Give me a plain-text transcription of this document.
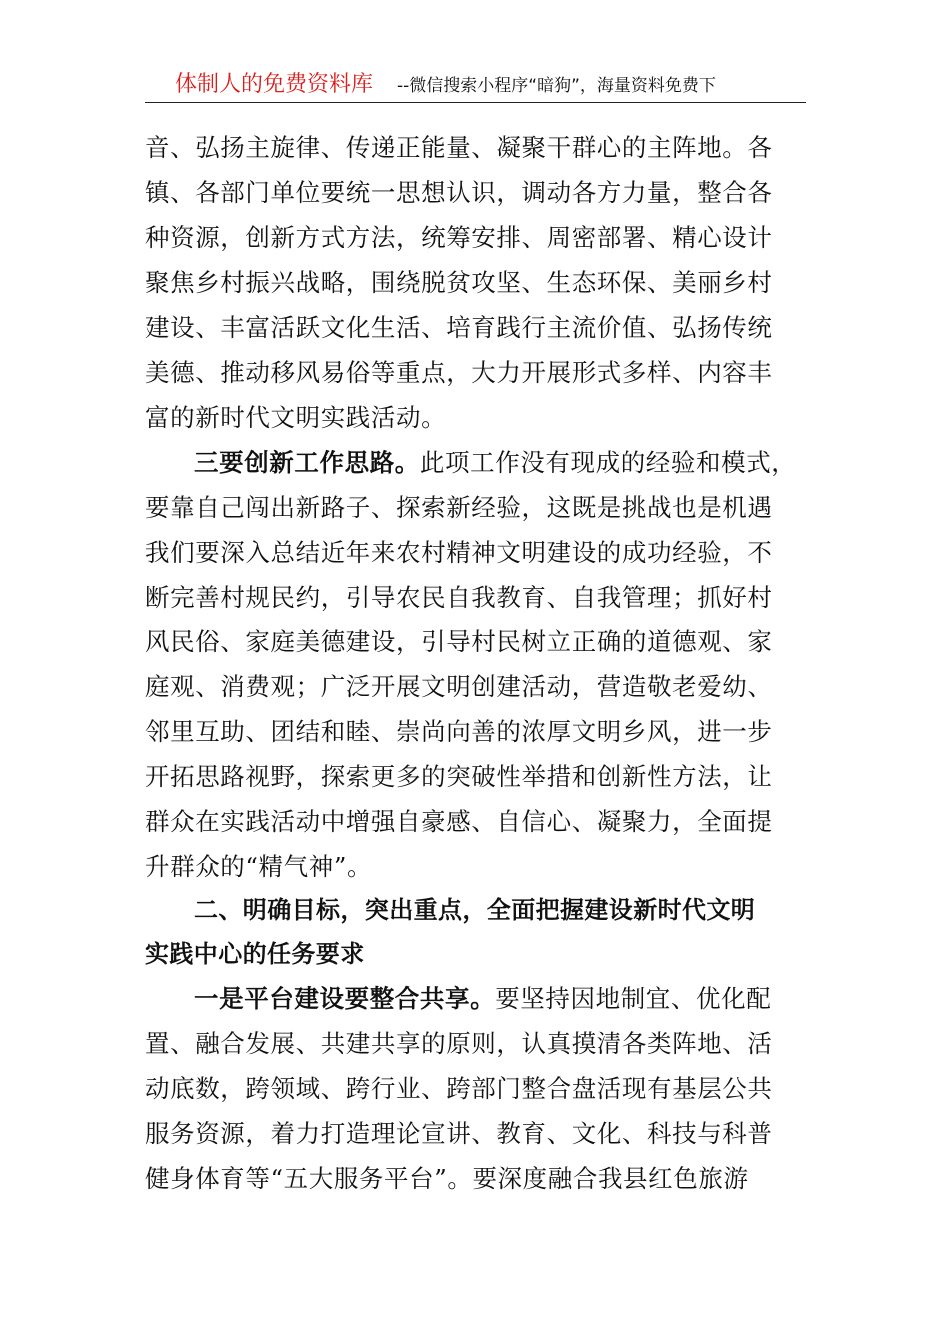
体制人的免费资料库 --微信搜索小程序“暗狗”，海量资料免费下
音、弘扬主旋律、传递正能量、凝聚干群心的主阵地。各
镇、各部门单位要统一思想认识，调动各方力量，整合各
种资源，创新方式方法，统筹安排、周密部署、精心设计
聚焦乡村振兴战略，围绕脱贫攻坚、生态环保、美丽乡村
建设、丰富活跃文化生活、培育践行主流价值、弘扬传统
美德、推动移风易俗等重点，大力开展形式多样、内容丰
富的新时代文明实践活动。
三要创新工作思路。此项工作没有现成的经验和模式，
要靠自己闯出新路子、探索新经验，这既是挑战也是机遇
我们要深入总结近年来农村精神文明建设的成功经验，不
断完善村规民约，引导农民自我教育、自我管理；抓好村
风民俗、家庭美德建设，引导村民树立正确的道德观、家
庭观、消费观；广泛开展文明创建活动，营造敬老爱幼、
邻里互助、团结和睦、崇尚向善的浓厚文明乡风，进一步
开拓思路视野，探索更多的突破性举措和创新性方法，让
群众在实践活动中增强自豪感、自信心、凝聚力，全面提
升群众的“精气神”。
二、明确目标，突出重点，全面把握建设新时代文明
实践中心的任务要求
一是平台建设要整合共享。要坚持因地制宜、优化配
置、融合发展、共建共享的原则，认真摸清各类阵地、活
动底数，跨领域、跨行业、跨部门整合盘活现有基层公共
服务资源，着力打造理论宣讲、教育、文化、科技与科普
健身体育等“五大服务平台”。要深度融合我县红色旅游
